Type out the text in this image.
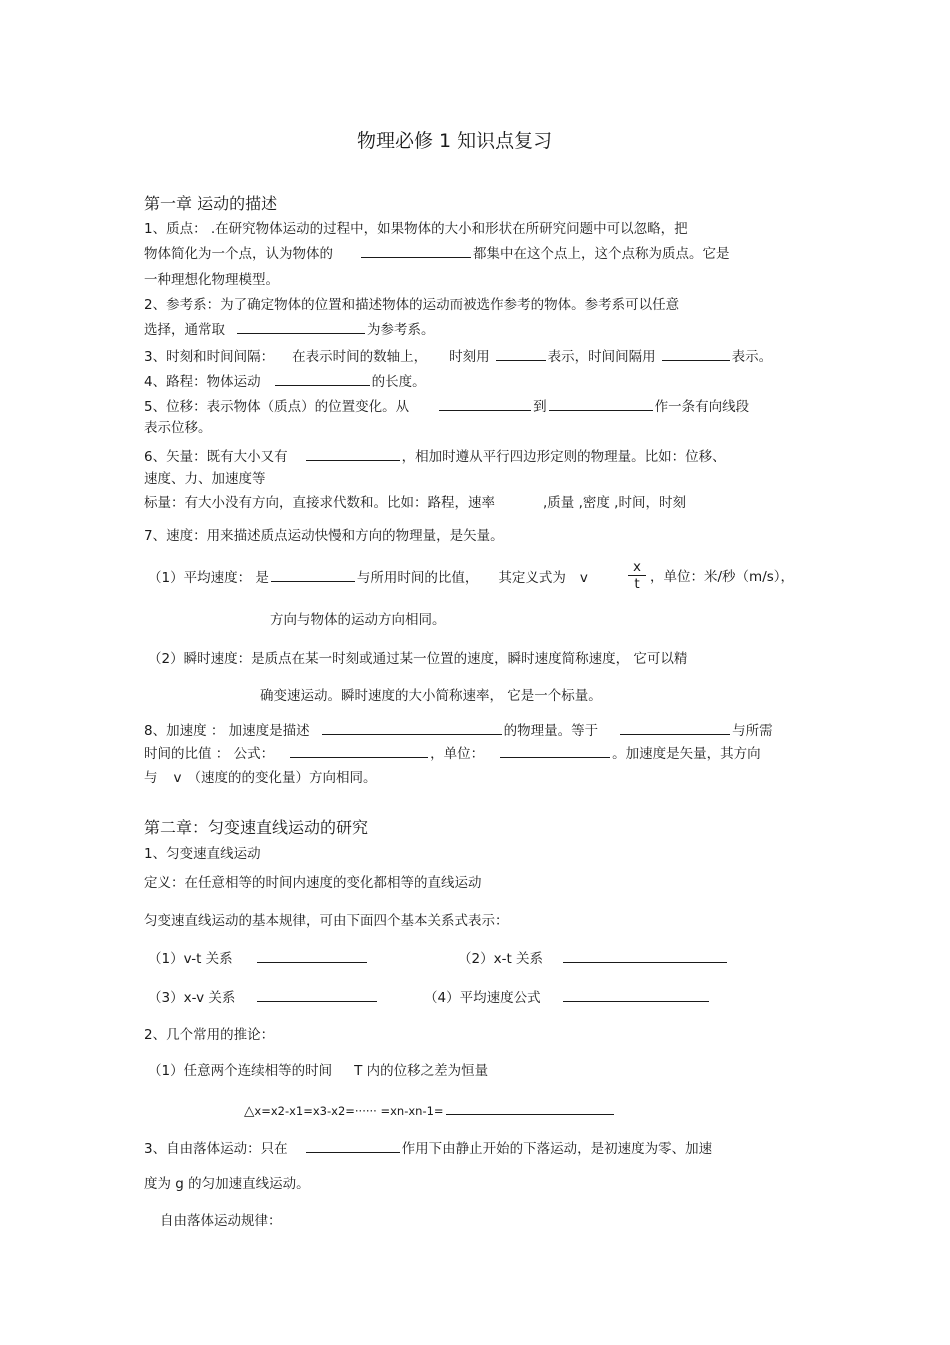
物理必修 1 知识点复习
第一章 运动的描述
1、质点： .在研究物体运动的过程中，如果物体的大小和形状在所研究问题中可以忽略，把
物体简化为一个点，认为物体的	都集中在这个点上，这个点称为质点。它是
一种理想化物理模型。
2、参考系：为了确定物体的位置和描述物体的运动而被选作参考的物体。参考系可以任意
选择，通常取	为参考系。
3、时刻和时间间隔： 在表示时间的数轴上， 时刻用	表示，时间间隔用	表示。
4、路程：物体运动	的长度。
5、位移：表示物体（质点）的位置变化。从	到	作一条有向线段
表示位移。
6、矢量：既有大小又有	，相加时遵从平行四边形定则的物理量。比如：位移、
速度、力、加速度等
标量：有大小没有方向，直接求代数和。比如：路程，速率	,质量 ,密度 ,时间，时刻
7、速度：用来描述质点运动快慢和方向的物理量，是矢量。
（1）平均速度： 是	与所用时间的比值， 其定义式为 v
x
t ，单位：米/秒（m/s），
方向与物体的运动方向相同。
（2）瞬时速度：是质点在某一时刻或通过某一位置的速度，瞬时速度简称速度， 它可以精
确变速运动。瞬时速度的大小简称速率， 它是一个标量。
8、加速度 ： 加速度是描述	的物理量。等于	与所需
时间的比值 ： 公式：	，单位：	。加速度是矢量，其方向
与 v （速度的的变化量）方向相同。
第二章：匀变速直线运动的研究
1、匀变速直线运动
定义：在任意相等的时间内速度的变化都相等的直线运动
匀变速直线运动的基本规律，可由下面四个基本关系式表示：
（1）v-t 关系	（2）x-t 关系
（3）x-v 关系	（4）平均速度公式
2、几个常用的推论：
（1）任意两个连续相等的时间 T 内的位移之差为恒量
△x=x2-x1=x3-x2=······ =xn-xn-1=
3、自由落体运动：只在	作用下由静止开始的下落运动，是初速度为零、加速
度为 g 的匀加速直线运动。
自由落体运动规律：
